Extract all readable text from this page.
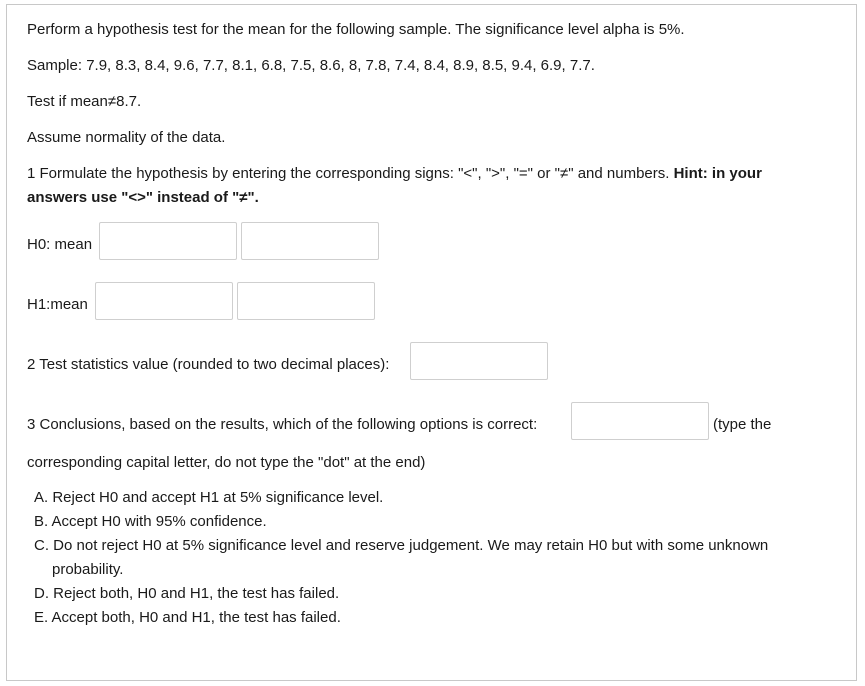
Perform a hypothesis test for the mean for the following sample. The significance level alpha is 5%.
Sample: 7.9, 8.3, 8.4, 9.6, 7.7, 8.1, 6.8, 7.5, 8.6, 8, 7.8, 7.4, 8.4, 8.9, 8.5, 9.4, 6.9, 7.7.
Test if mean≠8.7.
Assume normality of the data.
1 Formulate the hypothesis by entering the corresponding signs: "<", ">", "=" or "≠" and numbers. Hint: in your
answers use "<>" instead of "≠".
H0: mean
H1:mean
2 Test statistics value (rounded to two decimal places):
3 Conclusions, based on the results, which of the following options is correct:	(type the
corresponding capital letter, do not type the "dot" at the end)
A. Reject H0 and accept H1 at 5% significance level.
B. Accept H0 with 95% confidence.
C. Do not reject H0 at 5% significance level and reserve judgement. We may retain H0 but with some unknown
probability.
D. Reject both, H0 and H1, the test has failed.
E. Accept both, H0 and H1, the test has failed.
